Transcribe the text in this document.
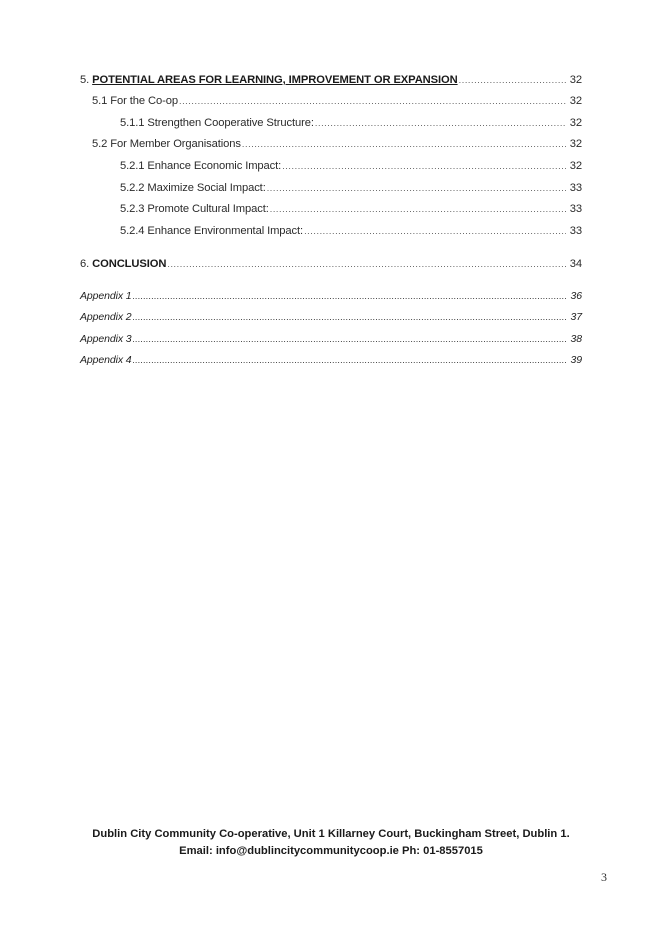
5. POTENTIAL AREAS FOR LEARNING, IMPROVEMENT OR EXPANSION .....	32
5.1 For the Co-op .....	32
5.1.1 Strengthen Cooperative Structure: .....	32
5.2 For Member Organisations .....	32
5.2.1 Enhance Economic Impact: .....	32
5.2.2 Maximize Social Impact: .....	33
5.2.3 Promote Cultural Impact: .....	33
5.2.4 Enhance Environmental Impact: .....	33
6. CONCLUSION .....	34
Appendix 1 .....	36
Appendix 2 .....	37
Appendix 3 .....	38
Appendix 4 .....	39
Dublin City Community Co-operative, Unit 1 Killarney Court, Buckingham Street, Dublin 1.
Email: info@dublincitycommunitycoop.ie Ph: 01-8557015
3
